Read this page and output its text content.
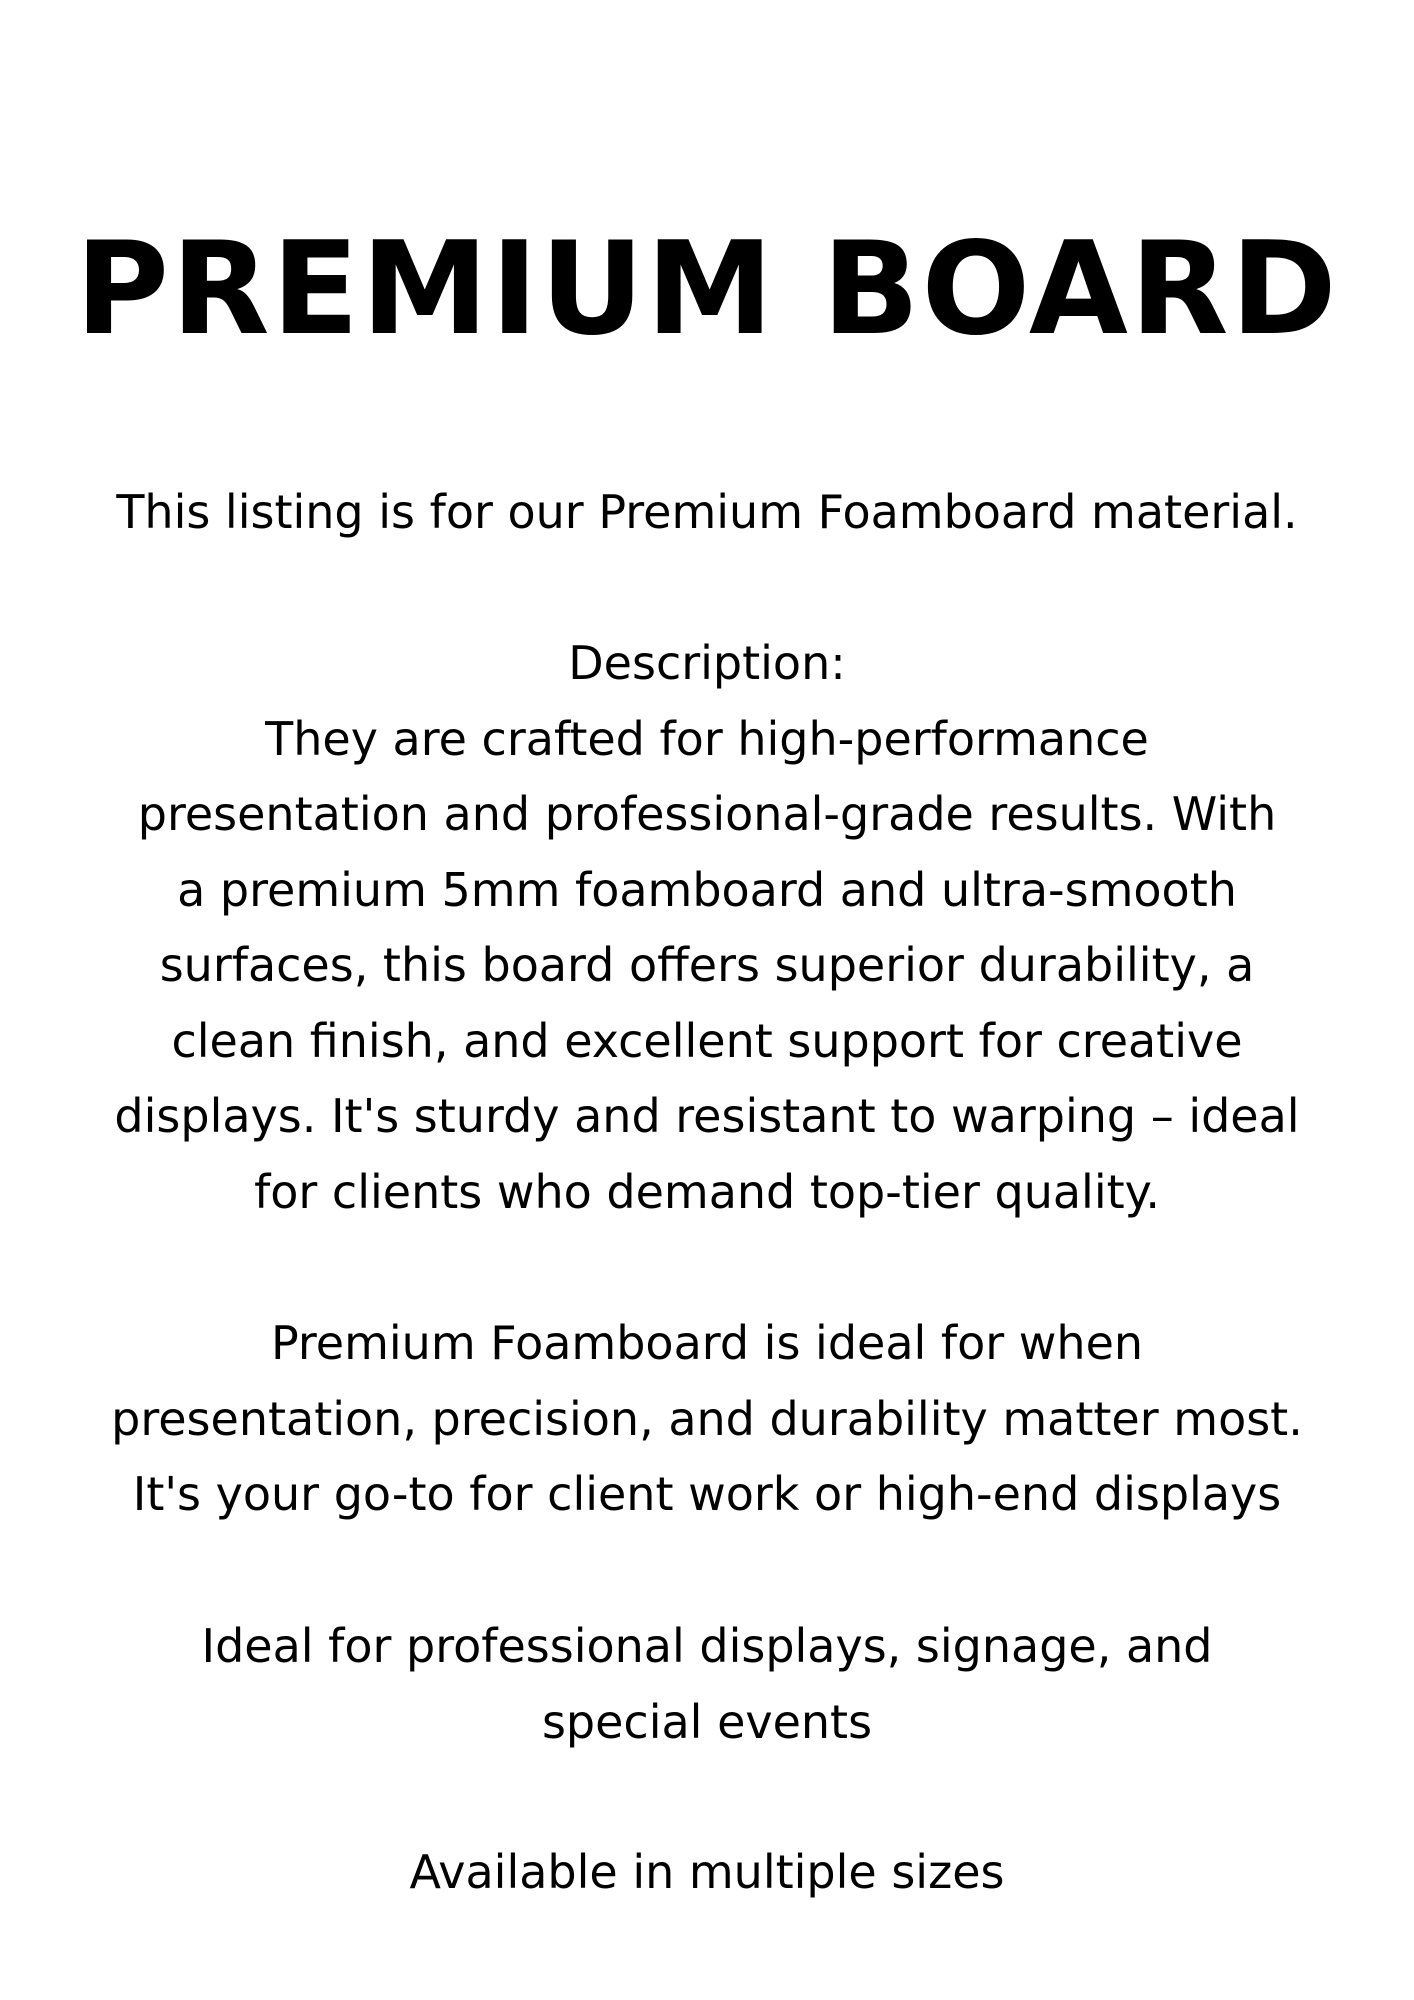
PREMIUM BOARD

This listing is for our Premium Foamboard material.

Description:
They are crafted for high-performance
presentation and professional-grade results. With
a premium 5mm foamboard and ultra-smooth
surfaces, this board offers superior durability, a
clean finish, and excellent support for creative
displays. It's sturdy and resistant to warping – ideal
for clients who demand top-tier quality.
Premium Foamboard is ideal for when
presentation, precision, and durability matter most.
It's your go-to for client work or high-end displays
Ideal for professional displays, signage, and
special events

Available in multiple sizes
